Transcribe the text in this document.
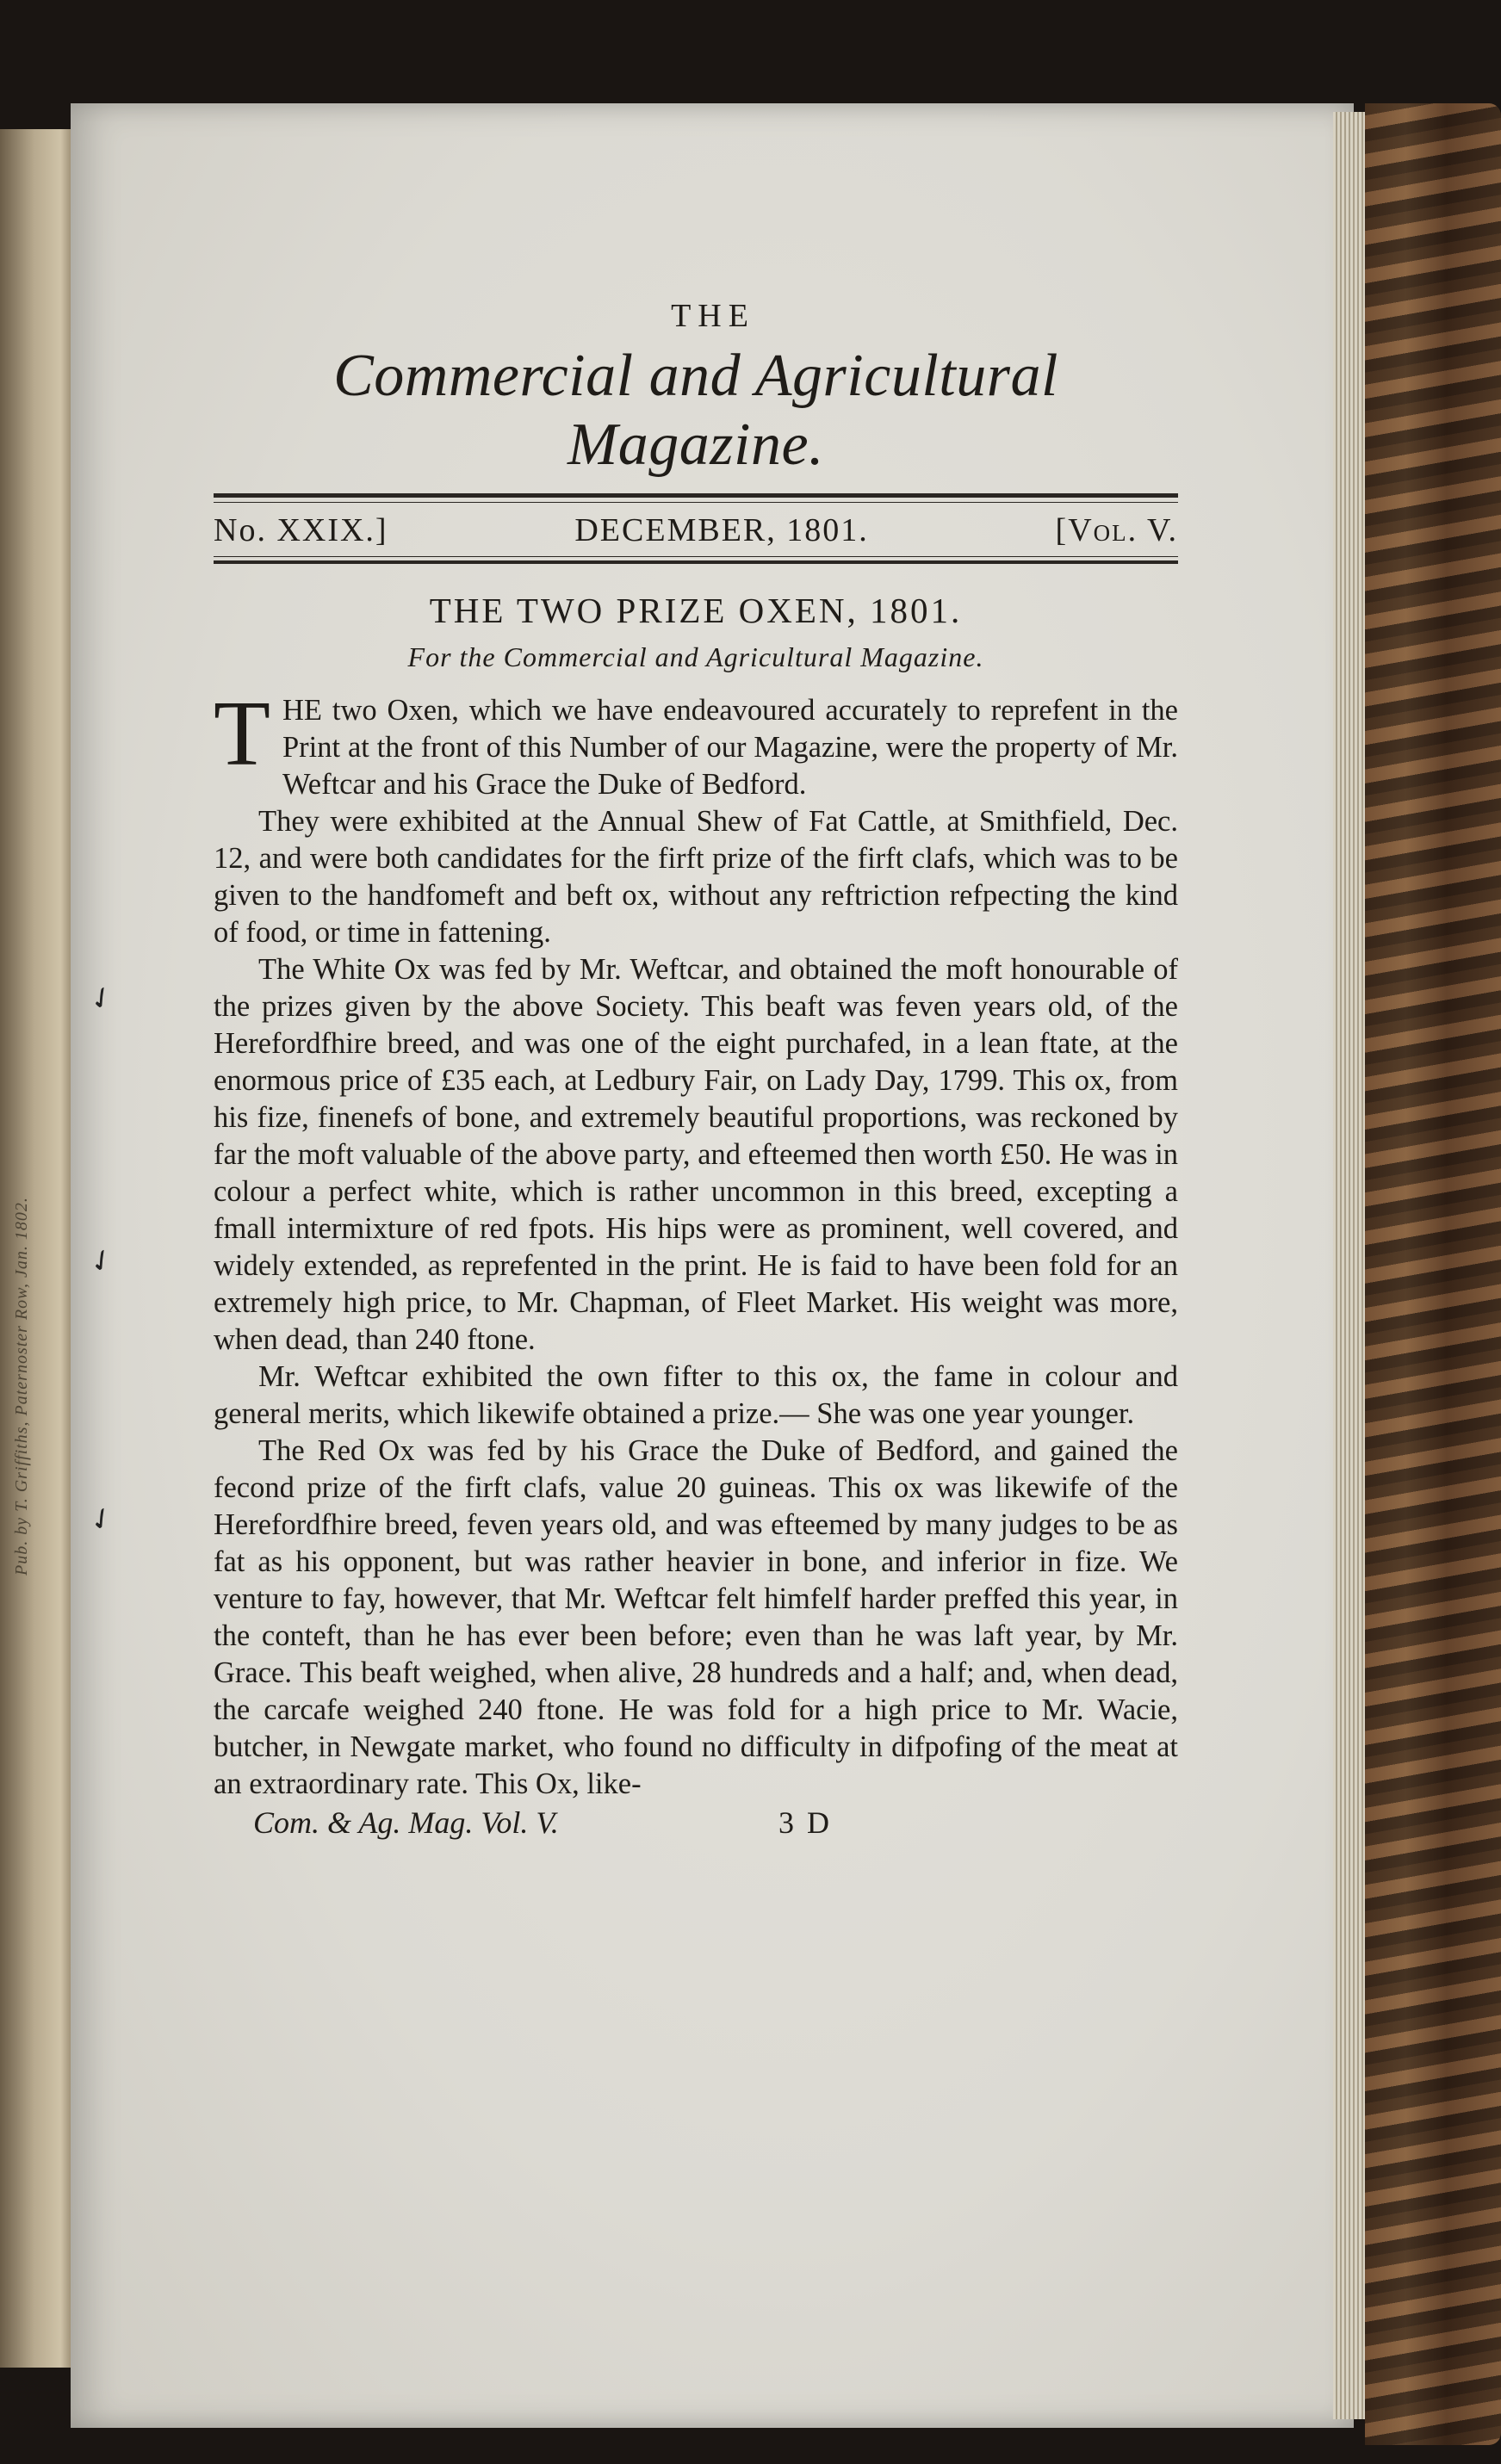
Pub. by T. Griffiths, Paternoster Row, Jan. 1802.
✓
✓
✓
THE
Commercial and Agricultural Magazine.
No. XXIX.]	DECEMBER, 1801.	[Vol. V.
THE TWO PRIZE OXEN, 1801.
For the Commercial and Agricultural Magazine.

THE two Oxen, which we have endeavoured accurately to reprefent in the Print at the front of this Number of our Magazine, were the property of Mr. Weftcar and his Grace the Duke of Bedford.

They were exhibited at the Annual Shew of Fat Cattle, at Smithfield, Dec. 12, and were both candidates for the firft prize of the firft clafs, which was to be given to the handfomeft and beft ox, without any reftriction refpecting the kind of food, or time in fattening.

The White Ox was fed by Mr. Weftcar, and obtained the moft honourable of the prizes given by the above Society. This beaft was feven years old, of the Herefordfhire breed, and was one of the eight purchafed, in a lean ftate, at the enormous price of £35 each, at Ledbury Fair, on Lady Day, 1799. This ox, from his fize, finenefs of bone, and extremely beautiful proportions, was reckoned by far the moft valuable of the above party, and efteemed then worth £50. He was in colour a perfect white, which is rather uncommon in this breed, excepting a fmall intermixture of red fpots. His hips were as prominent, well covered, and widely extended, as reprefented in the print. He is faid to have been fold for an extremely high price, to Mr. Chapman, of Fleet Market. His weight was more, when dead, than 240 ftone.

Mr. Weftcar exhibited the own fifter to this ox, the fame in colour and general merits, which likewife obtained a prize.— She was one year younger.

The Red Ox was fed by his Grace the Duke of Bedford, and gained the fecond prize of the firft clafs, value 20 guineas. This ox was likewife of the Herefordfhire breed, feven years old, and was efteemed by many judges to be as fat as his opponent, but was rather heavier in bone, and inferior in fize. We venture to fay, however, that Mr. Weftcar felt himfelf harder preffed this year, in the conteft, than he has ever been before; even than he was laft year, by Mr. Grace. This beaft weighed, when alive, 28 hundreds and a half; and, when dead, the carcafe weighed 240 ftone. He was fold for a high price to Mr. Wacie, butcher, in Newgate market, who found no difficulty in difpofing of the meat at an extraordinary rate. This Ox, like-

Com. & Ag. Mag. Vol. V.	3 D
